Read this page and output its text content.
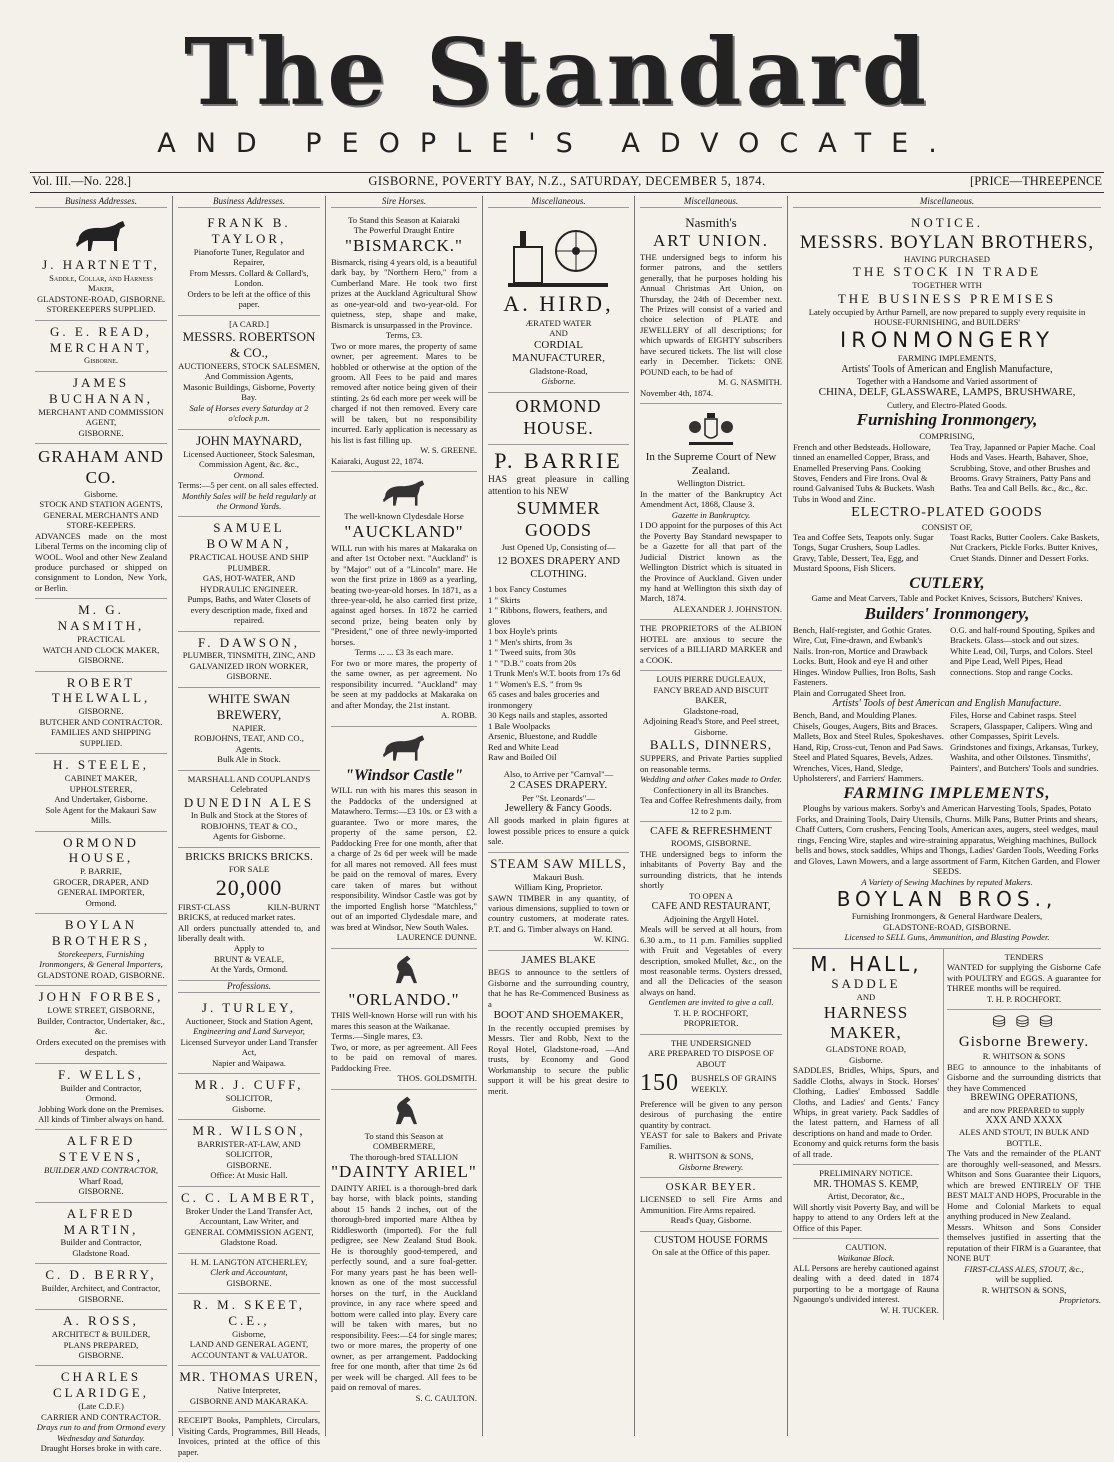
The Standard
AND PEOPLE'S ADVOCATE.
Vol. III.—No. 228.]	GISBORNE, POVERTY BAY, N.Z., SATURDAY, DECEMBER 5, 1874.	[PRICE—THREEPENCE
Business Addresses.
J. HARTNETT,
Saddle, Collar, and Harness Maker,
GLADSTONE-ROAD, GISBORNE.
STOREKEEPERS SUPPLIED.
G. E. READ,
MERCHANT,
Gisborne.
JAMES BUCHANAN,
MERCHANT AND COMMISSION AGENT,
GISBORNE.
GRAHAM AND CO.
Gisborne.
STOCK AND STATION AGENTS,
GENERAL MERCHANTS AND STORE-KEEPERS.
ADVANCES made on the most Liberal Terms on the incoming clip of WOOL. Wool and other New Zealand produce purchased or shipped on consignment to London, New York, or Berlin.
M. G. NASMITH,
PRACTICAL
WATCH AND CLOCK MAKER,
GISBORNE.
ROBERT THELWALL,
GISBORNE.
BUTCHER AND CONTRACTOR.
FAMILIES AND SHIPPING SUPPLIED.
H. STEELE,
CABINET MAKER, UPHOLSTERER,
And Undertaker, Gisborne.
Sole Agent for the Makauri Saw Mills.
ORMOND HOUSE,
P. BARRIE,
GROCER, DRAPER, AND GENERAL IMPORTER,
Ormond.
BOYLAN BROTHERS,
Storekeepers, Furnishing Ironmongers, & General Importers,
GLADSTONE ROAD, GISBORNE.
JOHN FORBES,
LOWE STREET, GISBORNE,
Builder, Contractor, Undertaker, &c., &c.
Orders executed on the premises with despatch.
F. WELLS,
Builder and Contractor,
Ormond.
Jobbing Work done on the Premises. All kinds of Timber always on hand.
ALFRED STEVENS,
BUILDER AND CONTRACTOR,
Wharf Road,
GISBORNE.
ALFRED MARTIN,
Builder and Contractor,
Gladstone Road.
C. D. BERRY,
Builder, Architect, and Contractor,
GISBORNE.
A. ROSS,
ARCHITECT & BUILDER,
PLANS PREPARED,
GISBORNE.
CHARLES CLARIDGE,
(Late C.D.F.)
CARRIER AND CONTRACTOR.
Drays run to and from Ormond every Wednesday and Saturday.
Draught Horses broke in with care.
Business Addresses.
FRANK B. TAYLOR,
Pianoforte Tuner, Regulator and Repairer,
From Messrs. Collard & Collard's, London.
Orders to be left at the office of this paper.
[A CARD.]
MESSRS. ROBERTSON & CO.,
AUCTIONEERS, STOCK SALESMEN,
And Commission Agents,
Masonic Buildings, Gisborne, Poverty Bay.
Sale of Horses every Saturday at 2 o'clock p.m.
JOHN MAYNARD,
Licensed Auctioneer, Stock Salesman, Commission Agent, &c. &c.,
Ormond.
Terms:—5 per cent. on all sales effected.
Monthly Sales will be held regularly at the Ormond Yards.
SAMUEL BOWMAN,
PRACTICAL HOUSE AND SHIP PLUMBER.
GAS, HOT-WATER, AND HYDRAULIC ENGINEER.
Pumps, Baths, and Water Closets of every description made, fixed and repaired.
F. DAWSON,
PLUMBER, TINSMITH, ZINC, AND GALVANIZED IRON WORKER,
GISBORNE.
WHITE SWAN BREWERY,
NAPIER.
ROBJOHNS, TEAT, AND CO.,
Agents.
Bulk Ale in Stock.
MARSHALL AND COUPLAND'S
Celebrated
DUNEDIN ALES
In Bulk and Stock at the Stores of
ROBJOHNS, TEAT & CO.,
Agents for Gisborne.
BRICKS BRICKS BRICKS.
FOR SALE
20,000
FIRST-CLASS KILN-BURNT BRICKS, at reduced market rates.
All orders punctually attended to, and liberally dealt with.
Apply to
BRUNT & VEALE,
At the Yards, Ormond.
Professions.
J. TURLEY,
Auctioneer, Stock and Station Agent,
Engineering and Land Surveyor,
Licensed Surveyor under Land Transfer Act,
Napier and Waipawa.
MR. J. CUFF,
SOLICITOR,
Gisborne.
MR. WILSON,
BARRISTER-AT-LAW, AND SOLICITOR,
GISBORNE.
Office: At Music Hall.
C. C. LAMBERT,
Broker Under the Land Transfer Act,
Accountant, Law Writer, and
GENERAL COMMISSION AGENT,
Gladstone Road.
H. M. LANGTON ATCHERLEY,
Clerk and Accountant,
GISBORNE.
R. M. SKEET, C.E.,
Gisborne,
LAND AND GENERAL AGENT,
ACCOUNTANT & VALUATOR.
MR. THOMAS UREN,
Native Interpreter,
GISBORNE AND MAKARAKA.
RECEIPT Books, Pamphlets, Circulars, Visiting Cards, Programmes, Bill Heads, Invoices, printed at the office of this paper.
Sire Horses.
To Stand this Season at Kaiaraki
The Powerful Draught Entire
"BISMARCK."
Bismarck, rising 4 years old, is a beautiful dark bay, by "Northern Hero," from a Cumberland Mare. He took two first prizes at the Auckland Agricultural Show as one-year-old and two-year-old. For quietness, step, shape and make, Bismarck is unsurpassed in the Province.
Terms, £3.
Two or more mares, the property of same owner, per agreement. Mares to be hobbled or otherwise at the option of the groom. All Fees to be paid and mares removed after notice being given of their stinting. 2s 6d each more per week will be charged if not then removed. Every care will be taken, but no responsibility incurred. Early application is necessary as his list is fast filling up.
W. S. GREENE.
Kaiaraki, August 22, 1874.
The well-known Clydesdale Horse
"AUCKLAND"
WILL run with his mares at Makaraka on and after 1st October next. "Auckland" is by "Major" out of a "Lincoln" mare. He won the first prize in 1869 as a yearling, beating two-year-old horses. In 1871, as a three-year-old, he also carried first prize, against aged horses. In 1872 he carried second prize, being beaten only by "President," one of three newly-imported horses.
Terms ... ... £3 3s each mare.
For two or more mares, the property of the same owner, as per agreement. No responsibility incurred. "Auckland" may be seen at my paddocks at Makaraka on and after Monday, the 21st instant.
A. ROBB.
"Windsor Castle"
WILL run with his mares this season in the Paddocks of the undersigned at Matawhero. Terms:—£3 10s. or £3 with a guarantee. Two or more mares, the property of the same person, £2. Paddocking Free for one month, after that a charge of 2s 6d per week will be made for all mares not removed. All fees must be paid on the removal of mares. Every care taken of mares but without responsibility. Windsor Castle was got by the imported English horse "Matchless," out of an imported Clydesdale mare, and was bred at Windsor, New South Wales.
LAURENCE DUNNE.
"ORLANDO."
THIS Well-known Horse will run with his mares this season at the Waikanae.
Terms.—Single mares, £3.
Two, or more, as per agreement. All Fees to be paid on removal of mares. Paddocking Free.
THOS. GOLDSMITH.
To stand this Season at
COMBERMERE,
The thorough-bred STALLION
"DAINTY ARIEL"
DAINTY ARIEL is a thorough-bred dark bay horse, with black points, standing about 15 hands 2 inches, out of the thorough-bred imported mare Althea by Riddlesworth (imported). For the full pedigree, see New Zealand Stud Book. He is thoroughly good-tempered, and perfectly sound, and a sure foal-getter. For many years past he has been well-known as one of the most successful horses on the turf, in the Auckland province, in any race where speed and bottom were called into play. Every care will be taken with mares, but no responsibility. Fees:—£4 for single mares; two or more mares, the property of one owner, as per arrangement. Paddocking free for one month, after that time 2s 6d per week will be charged. All fees to be paid on removal of mares.
S. C. CAULTON.
Miscellaneous.
A. HIRD,
ÆRATED WATER
AND
CORDIAL MANUFACTURER,
Gladstone-Road,
Gisborne.
ORMOND HOUSE.
P. BARRIE
HAS great pleasure in calling attention to his NEW
SUMMER GOODS
Just Opened Up, Consisting of—
12 BOXES DRAPERY AND CLOTHING.
1 box Fancy Costumes
1 " Skirts
1 " Ribbons, flowers, feathers, and gloves
1 box Hoyle's prints
1 " Men's shirts, from 3s
1 " Tweed suits, from 30s
1 " "D.B." coats from 20s
1 Trunk Men's W.T. boots from 17s 6d
1 " Women's E.S. " from 9s
65 cases and bales groceries and ironmongery
30 Kegs nails and staples, assorted
1 Bale Woolpacks
Arsenic, Bluestone, and Ruddle
Red and White Lead
Raw and Boiled Oil
Also, to Arrive per "Carnval"—
2 CASES DRAPERY.
Per "St. Leonards"—
Jewellery & Fancy Goods.
All goods marked in plain figures at lowest possible prices to ensure a quick sale.
STEAM SAW MILLS,
Makauri Bush.
William King, Proprietor.
SAWN TIMBER in any quantity, of various dimensions, supplied to town or country customers, at moderate rates. P.T. and G. Timber always on Hand.
W. KING.
JAMES BLAKE
BEGS to announce to the settlers of Gisborne and the surrounding country, that he has Re-Commenced Business as a
BOOT AND SHOEMAKER,
In the recently occupied premises by Messrs. Tier and Robb, Next to the Royal Hotel, Gladstone-road, —And trusts, by Economy and Good Workmanship to secure the public support it will be his great desire to merit.
Miscellaneous.
Nasmith's
ART UNION.
THE undersigned begs to inform his former patrons, and the settlers generally, that he purposes holding his Annual Christmas Art Union, on Thursday, the 24th of December next. The Prizes will consist of a varied and choice selection of PLATE and JEWELLERY of all descriptions; for which upwards of EIGHTY subscribers have secured tickets. The list will close early in December. Tickets: ONE POUND each, to be had of
M. G. NASMITH.
November 4th, 1874.
In the Supreme Court of New Zealand.
Wellington District.
In the matter of the Bankruptcy Act Amendment Act, 1868, Clause 3.
Gazette in Bankruptcy.
I DO appoint for the purposes of this Act the Poverty Bay Standard newspaper to be a Gazette for all that part of the Judicial District known as the Wellington District which is situated in the Province of Auckland. Given under my hand at Wellington this sixth day of March, 1874.
ALEXANDER J. JOHNSTON.
THE PROPRIETORS of the ALBION HOTEL are anxious to secure the services of a BILLIARD MARKER and a COOK.
LOUIS PIERRE DUGLEAUX,
FANCY BREAD AND BISCUIT BAKER,
Gladstone-road,
Adjoining Read's Store, and Peel street, Gisborne.
BALLS, DINNERS,
SUPPERS, and Private Parties supplied on reasonable terms.
Wedding and other Cakes made to Order.
Confectionery in all its Branches.
Tea and Coffee Refreshments daily, from 12 to 2 p.m.
CAFE & REFRESHMENT
ROOMS, GISBORNE.
THE undersigned begs to inform the inhabitants of Poverty Bay and the surrounding districts, that he intends shortly
TO OPEN A
CAFE AND RESTAURANT,
Adjoining the Argyll Hotel.
Meals will be served at all hours, from 6.30 a.m., to 11 p.m. Families supplied with Fruit and Vegetables of every description, smoked Mullet, &c., on the most reasonable terms. Oysters dressed, and all the Delicacies of the season always on hand.
Gentlemen are invited to give a call.
T. H. P. ROCHFORT,
PROPRIETOR.
THE UNDERSIGNED
ARE PREPARED TO DISPOSE OF ABOUT
150	BUSHELS OF GRAINS WEEKLY.
Preference will be given to any person desirous of purchasing the entire quantity by contract.
YEAST for sale to Bakers and Private Families.
R. WHITSON & SONS,
Gisborne Brewery.
OSKAR BEYER.
LICENSED to sell Fire Arms and Ammunition. Fire Arms repaired.
Read's Quay, Gisborne.
CUSTOM HOUSE FORMS
On sale at the Office of this paper.
Miscellaneous.
NOTICE.
MESSRS. BOYLAN BROTHERS,
HAVING PURCHASED
THE STOCK IN TRADE
TOGETHER WITH
THE BUSINESS PREMISES
Lately occupied by Arthur Parnell, are now prepared to supply every requisite in HOUSE-FURNISHING, and BUILDERS'
IRONMONGERY
FARMING IMPLEMENTS,
Artists' Tools of American and English Manufacture,
Together with a Handsome and Varied assortment of
CHINA, DELF, GLASSWARE, LAMPS, BRUSHWARE,
Cutlery, and Electro-Plated Goods.
Furnishing Ironmongery,
COMPRISING,
French and other Bedsteads. Holloware, tinned an enamelled Copper, Brass, and Enamelled Preserving Pans. Cooking Stoves, Fenders and Fire Irons. Oval & round Galvanised Tubs & Buckets. Wash Tubs in Wood and Zinc.
Tea Tray, Japanned or Papier Mache. Coal Hods and Vases. Hearth, Bahaver, Shoe, Scrubbing, Stove, and other Brushes and Brooms. Gravy Strainers, Patty Pans and Baths. Tea and Call Bells. &c., &c., &c.
ELECTRO-PLATED GOODS
CONSIST OF,
Tea and Coffee Sets, Teapots only. Sugar Tongs, Sugar Crushers, Soup Ladles. Gravy, Table, Dessert, Tea, Egg, and Mustard Spoons, Fish Slicers.
Toast Racks, Butter Coolers. Cake Baskets, Nut Crackers, Pickle Forks. Butter Knives, Cruet Stands. Dinner and Dessert Forks.
CUTLERY,
Game and Meat Carvers, Table and Pocket Knives, Scissors, Butchers' Knives.
Builders' Ironmongery,
Bench, Half-register, and Gothic Grates. Wire, Cut, Fine-drawn, and Ewbank's Nails. Iron-ron, Mortice and Drawback Locks. Butt, Hook and eye H and other Hinges. Window Pullies, Iron Bolts, Sash Fasteners.
O.G. and half-round Spouting, Spikes and Brackets. Glass—stock and out sizes. White Lead, Oil, Turps, and Colors. Steel and Pipe Lead, Well Pipes, Head connections. Stop and range Cocks.
Plain and Corrugated Sheet Iron.
Artists' Tools of best American and English Manufacture.
Bench, Band, and Moulding Planes. Chisels, Gouges, Augers, Bits and Braces. Mallets, Box and Steel Rules, Spokeshaves. Hand, Rip, Cross-cut, Tenon and Pad Saws. Steel and Plated Squares, Bevels, Adzes. Wrenches, Vices, Hand, Sledge, Upholsterers', and Farriers' Hammers.
Files, Horse and Cabinet rasps. Steel Scrapers, Glasspaper, Calipers. Wing and other Compasses, Spirit Levels. Grindstones and fixings, Arkansas, Turkey, Washita, and other Oilstones. Tinsmiths', Painters', and Butchers' Tools and sundries.
FARMING IMPLEMENTS,
Ploughs by various makers. Sorby's and American Harvesting Tools, Spades, Potato Forks, and Draining Tools, Dairy Utensils, Churns. Milk Pans, Butter Prints and shears, Chaff Cutters, Corn crushers, Fencing Tools, American axes, augers, steel wedges, maul rings, Fencing Wire, staples and wire-straining apparatus, Weighing machines, Bullock bells and bows, stock saddles, Whips and Thongs, Ladies' Garden Tools, Weeding Forks and Gloves, Lawn Mowers, and a large assortment of Farm, Kitchen Garden, and Flower SEEDS.
A Variety of Sewing Machines by reputed Makers.
BOYLAN BROS.,
Furnishing Ironmongers, & General Hardware Dealers,
GLADSTONE-ROAD, GISBORNE.
Licensed to SELL Guns, Ammunition, and Blasting Powder.
M. HALL,
SADDLE
AND
HARNESS MAKER,
GLADSTONE ROAD,
Gisborne.
SADDLES, Bridles, Whips, Spurs, and Saddle Cloths, always in Stock. Horses' Clothing, Ladies' Embossed Saddle Cloths, and Ladies' and Gents.' Fancy Whips, in great variety. Pack Saddles of the latest pattern, and Harness of all descriptions on hand and made to Order.
Economy and quick returns form the basis of all trade.
PRELIMINARY NOTICE.
MR. THOMAS S. KEMP,
Artist, Decorator, &c.,
Will shortly visit Poverty Bay, and will be happy to attend to any Orders left at the Office of this Paper.
CAUTION.
Waikanae Block.
ALL Persons are hereby cautioned against dealing with a deed dated in 1874 purporting to be a mortgage of Rauna Ngaoungo's undivided interest.
W. H. TUCKER.
TENDERS
WANTED for supplying the Gisborne Cafe with POULTRY and EGGS. A guarantee for THREE months will be required.
T. H. P. ROCHFORT.
⛁ ⛁ ⛁
Gisborne Brewery.
R. WHITSON & SONS
BEG to announce to the inhabitants of Gisborne and the surrounding districts that they have Commenced
BREWING OPERATIONS,
and are now PREPARED to supply
XXX AND XXXX
ALES AND STOUT, IN BULK AND BOTTLE.
The Vats and the remainder of the PLANT are thoroughly well-seasoned, and Messrs. Whitson and Sons Guarantee their Liquors, which are brewed ENTIRELY OF THE BEST MALT AND HOPS, Procurable in the Home and Colonial Markets to equal anything produced in New Zealand.
Messrs. Whitson and Sons Consider themselves justified in asserting that the reputation of their FIRM is a Guarantee, that NONE BUT
FIRST-CLASS ALES, STOUT, &c.,
will be supplied.
R. WHITSON & SONS,
Proprietors.
